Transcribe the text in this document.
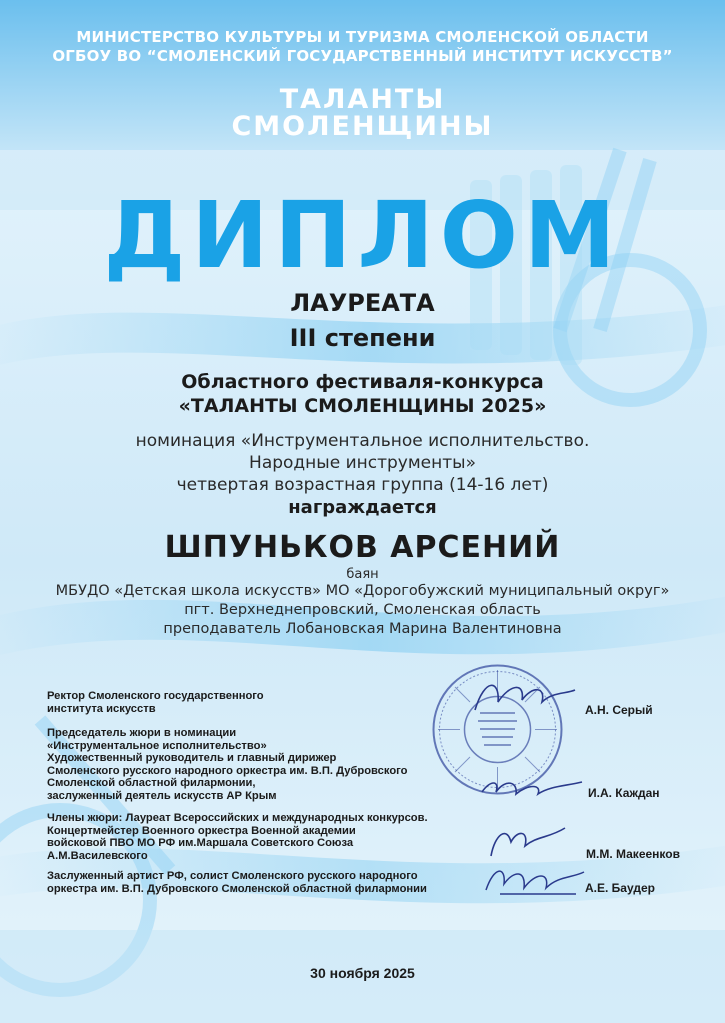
МИНИСТЕРСТВО КУЛЬТУРЫ И ТУРИЗМА СМОЛЕНСКОЙ ОБЛАСТИ
ОГБОУ ВО “СМОЛЕНСКИЙ ГОСУДАРСТВЕННЫЙ ИНСТИТУТ ИСКУССТВ”
ТАЛАНТЫ
СМОЛЕНЩИНЫ
ДИПЛОМ
ЛАУРЕАТА
III степени
Областного фестиваля-конкурса
«ТАЛАНТЫ СМОЛЕНЩИНЫ 2025»
номинация «Инструментальное исполнительство.
Народные инструменты»
четвертая возрастная группа (14-16 лет)
награждается
ШПУНЬКОВ АРСЕНИЙ
баян
МБУДО «Детская школа искусств» МО «Дорогобужский муниципальный округ»
пгт. Верхнеднепровский, Смоленская область
преподаватель Лобановская Марина Валентиновна
Ректор Смоленского государственного
института искусств	А.Н. Серый
Председатель жюри в номинации
«Инструментальное исполнительство»
Художественный руководитель и главный дирижер
Смоленского русского народного оркестра им. В.П. Дубровского
Смоленской областной филармонии,
заслуженный деятель искусств АР Крым	И.А. Каждан
Члены жюри: Лауреат Всероссийских и международных конкурсов.
Концертмейстер Военного оркестра Военной академии
войсковой ПВО МО РФ им.Маршала Советского Союза
А.М.Василевского	М.М. Макеенков
Заслуженный артист РФ, солист Смоленского русского народного
оркестра им. В.П. Дубровского Смоленской областной филармонии	А.Е. Баудер
30 ноября 2025
